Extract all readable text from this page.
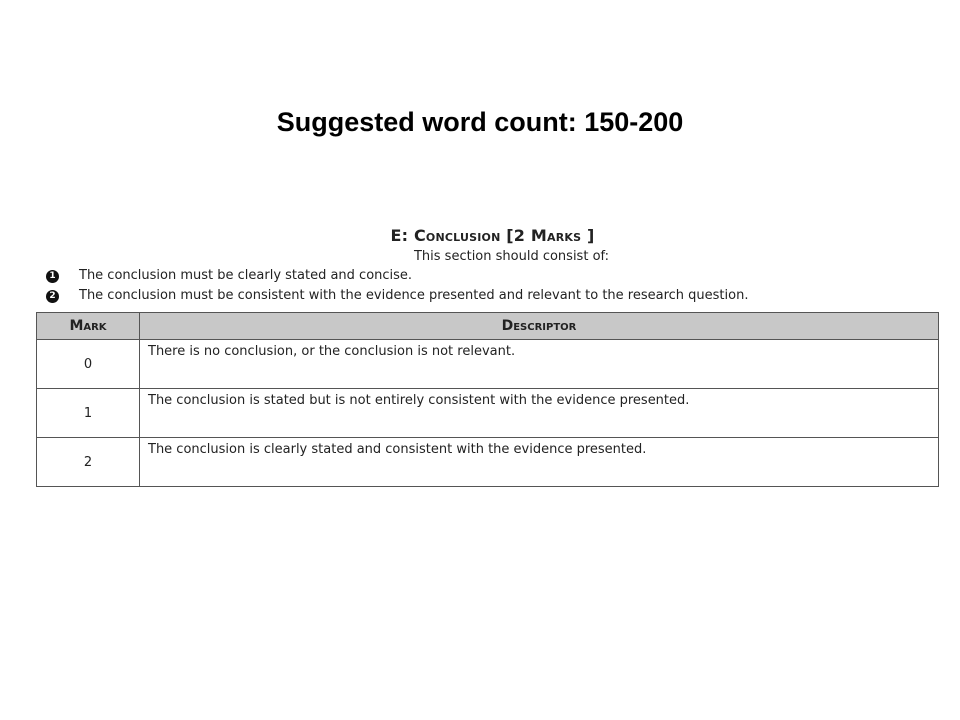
Suggested word count: 150-200
E: Conclusion [2 Marks ]
This section should consist of:
1 The conclusion must be clearly stated and concise.
2 The conclusion must be consistent with the evidence presented and relevant to the research question.
Mark	Descriptor
0	There is no conclusion, or the conclusion is not relevant.
1	The conclusion is stated but is not entirely consistent with the evidence presented.
2	The conclusion is clearly stated and consistent with the evidence presented.
